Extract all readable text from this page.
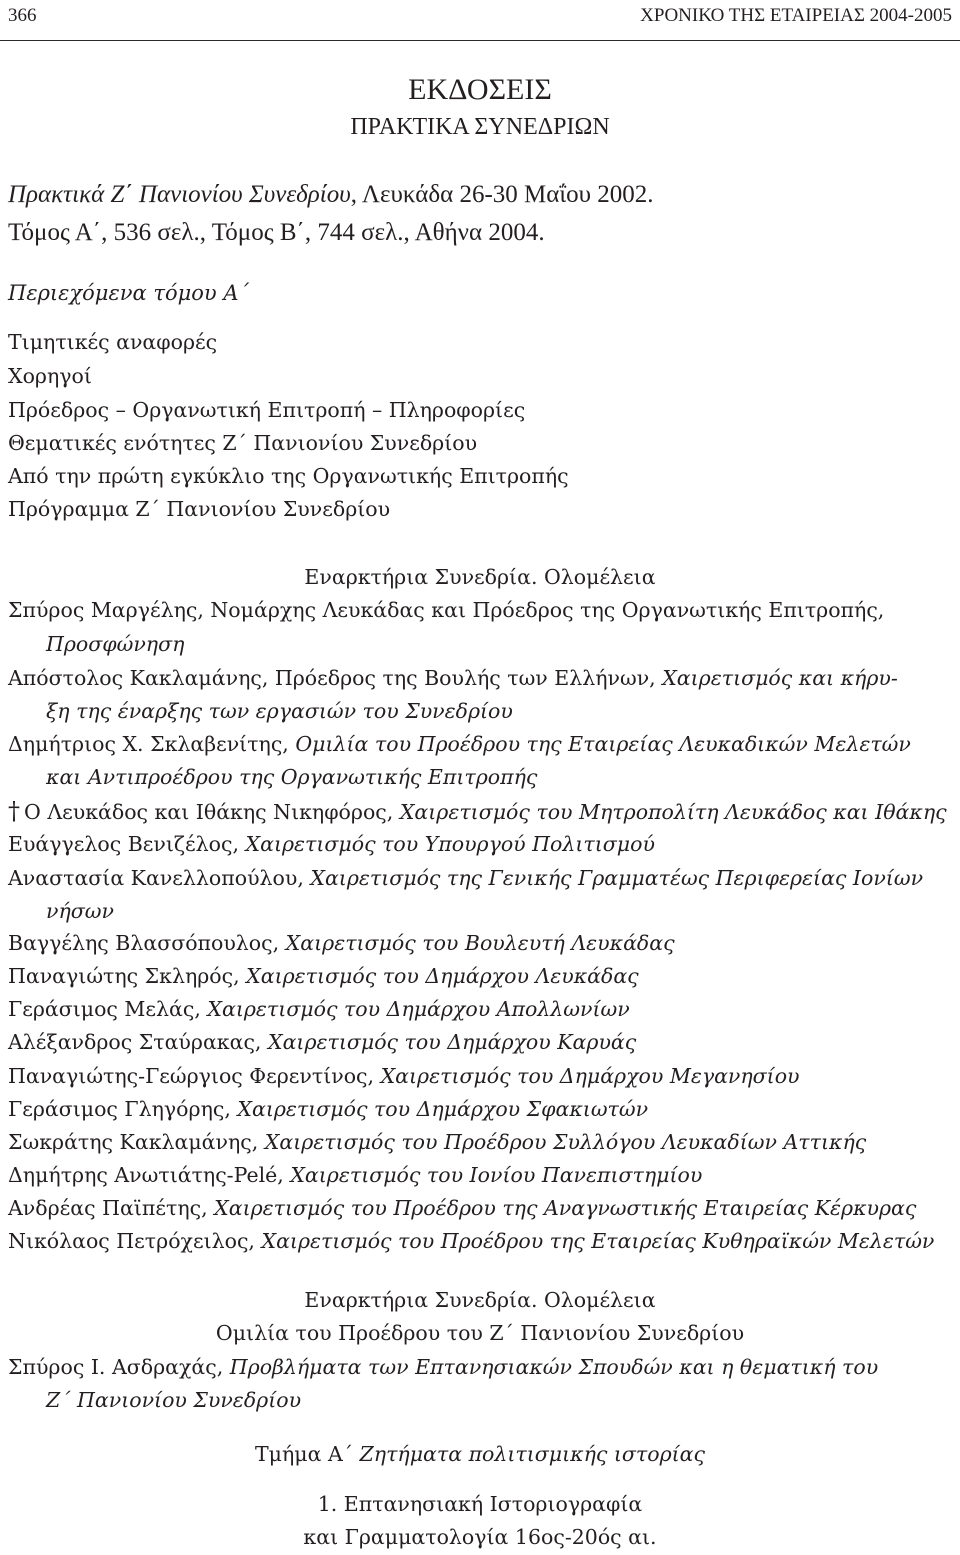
366	ΧΡΟΝΙΚΟ ΤΗΣ ΕΤΑΙΡΕΙΑΣ 2004-2005
ΕΚΔΟΣΕΙΣ
ΠΡΑΚΤΙΚΑ ΣΥΝΕΔΡΙΩΝ
Πρακτικά Ζ΄ Πανιονίου Συνεδρίου, Λευκάδα 26-30 Μαΐου 2002.
Τόμος Α΄, 536 σελ., Τόμος Β΄, 744 σελ., Αθήνα 2004.
Περιεχόμενα τόμου Α΄
Τιμητικές αναφορές
Χορηγοί
Πρόεδρος – Οργανωτική Επιτροπή – Πληροφορίες
Θεματικές ενότητες Ζ΄ Πανιονίου Συνεδρίου
Από την πρώτη εγκύκλιο της Οργανωτικής Επιτροπής
Πρόγραμμα Ζ΄ Πανιονίου Συνεδρίου
Εναρκτήρια Συνεδρία. Ολομέλεια
Σπύρος Μαργέλης, Νομάρχης Λευκάδας και Πρόεδρος της Οργανωτικής Επιτροπής,
Προσφώνηση
Απόστολος Κακλαμάνης, Πρόεδρος της Βουλής των Ελλήνων, Χαιρετισμός και κήρυ-
ξη της έναρξης των εργασιών του Συνεδρίου
Δημήτριος Χ. Σκλαβενίτης, Ομιλία του Προέδρου της Εταιρείας Λευκαδικών Μελετών
και Αντιπροέδρου της Οργανωτικής Επιτροπής
† Ο Λευκάδος και Ιθάκης Νικηφόρος, Χαιρετισμός του Μητροπολίτη Λευκάδος και Ιθάκης
Ευάγγελος Βενιζέλος, Χαιρετισμός του Υπουργού Πολιτισμού
Αναστασία Κανελλοπούλου, Χαιρετισμός της Γενικής Γραμματέως Περιφερείας Ιονίων
νήσων
Βαγγέλης Βλασσόπουλος, Χαιρετισμός του Βουλευτή Λευκάδας
Παναγιώτης Σκληρός, Χαιρετισμός του Δημάρχου Λευκάδας
Γεράσιμος Μελάς, Χαιρετισμός του Δημάρχου Απολλωνίων
Αλέξανδρος Σταύρακας, Χαιρετισμός του Δημάρχου Καρυάς
Παναγιώτης-Γεώργιος Φερεντίνος, Χαιρετισμός του Δημάρχου Μεγανησίου
Γεράσιμος Γληγόρης, Χαιρετισμός του Δημάρχου Σφακιωτών
Σωκράτης Κακλαμάνης, Χαιρετισμός του Προέδρου Συλλόγου Λευκαδίων Αττικής
Δημήτρης Ανωτιάτης-Pelé, Χαιρετισμός του Ιονίου Πανεπιστημίου
Ανδρέας Παϊπέτης, Χαιρετισμός του Προέδρου της Αναγνωστικής Εταιρείας Κέρκυρας
Νικόλαος Πετρόχειλος, Χαιρετισμός του Προέδρου της Εταιρείας Κυθηραϊκών Μελετών
Εναρκτήρια Συνεδρία. Ολομέλεια
Ομιλία του Προέδρου του Ζ΄ Πανιονίου Συνεδρίου
Σπύρος Ι. Ασδραχάς, Προβλήματα των Επτανησιακών Σπουδών και η θεματική του
Ζ΄ Πανιονίου Συνεδρίου
Τμήμα Α΄ Ζητήματα πολιτισμικής ιστορίας
1. Επτανησιακή Ιστοριογραφία
και Γραμματολογία 16ος-20ός αι.
